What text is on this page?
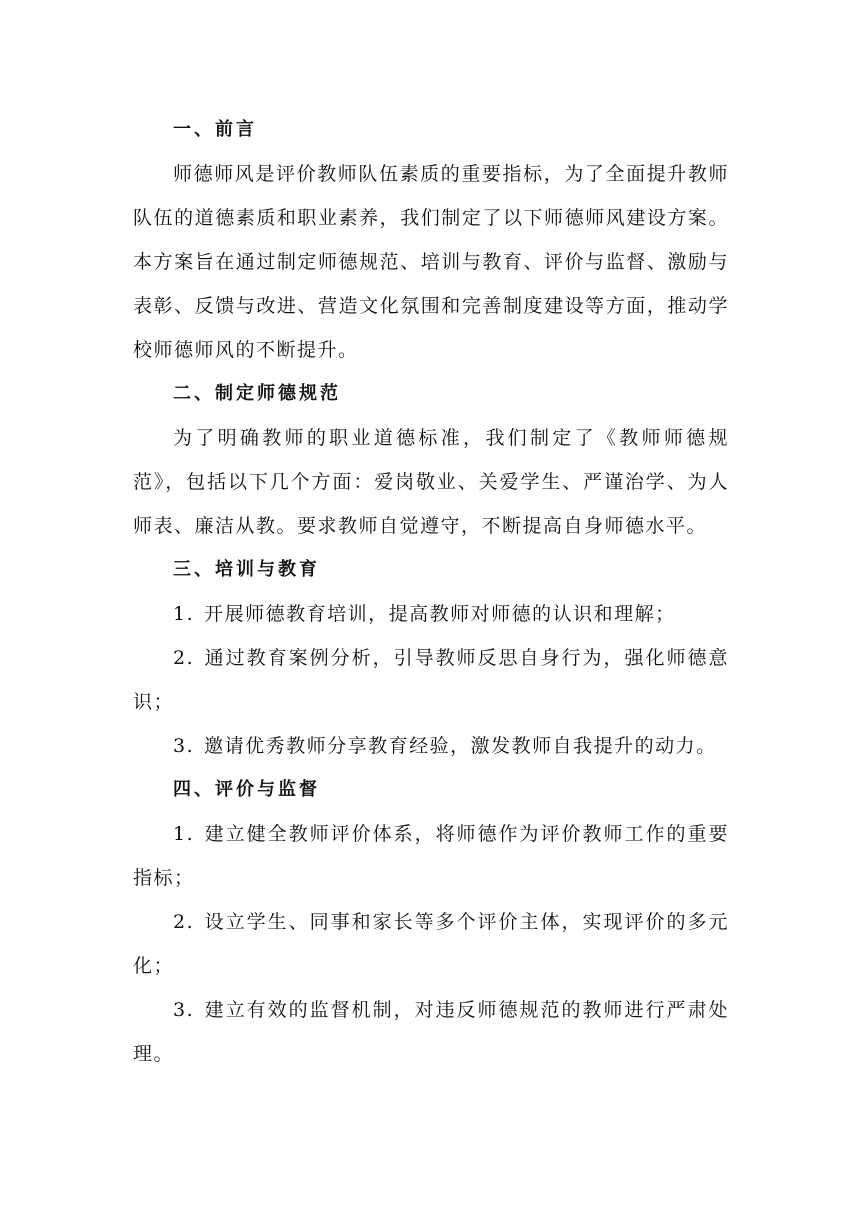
一、前言

师德师风是评价教师队伍素质的重要指标，为了全面提升教师队伍的道德素质和职业素养，我们制定了以下师德师风建设方案。本方案旨在通过制定师德规范、培训与教育、评价与监督、激励与表彰、反馈与改进、营造文化氛围和完善制度建设等方面，推动学校师德师风的不断提升。

二、制定师德规范

为了明确教师的职业道德标准，我们制定了《教师师德规范》，包括以下几个方面：爱岗敬业、关爱学生、严谨治学、为人师表、廉洁从教。要求教师自觉遵守，不断提高自身师德水平。

三、培训与教育

1. 开展师德教育培训，提高教师对师德的认识和理解；

2. 通过教育案例分析，引导教师反思自身行为，强化师德意识；

3. 邀请优秀教师分享教育经验，激发教师自我提升的动力。

四、评价与监督

1. 建立健全教师评价体系，将师德作为评价教师工作的重要指标；

2. 设立学生、同事和家长等多个评价主体，实现评价的多元化；

3. 建立有效的监督机制，对违反师德规范的教师进行严肃处理。
